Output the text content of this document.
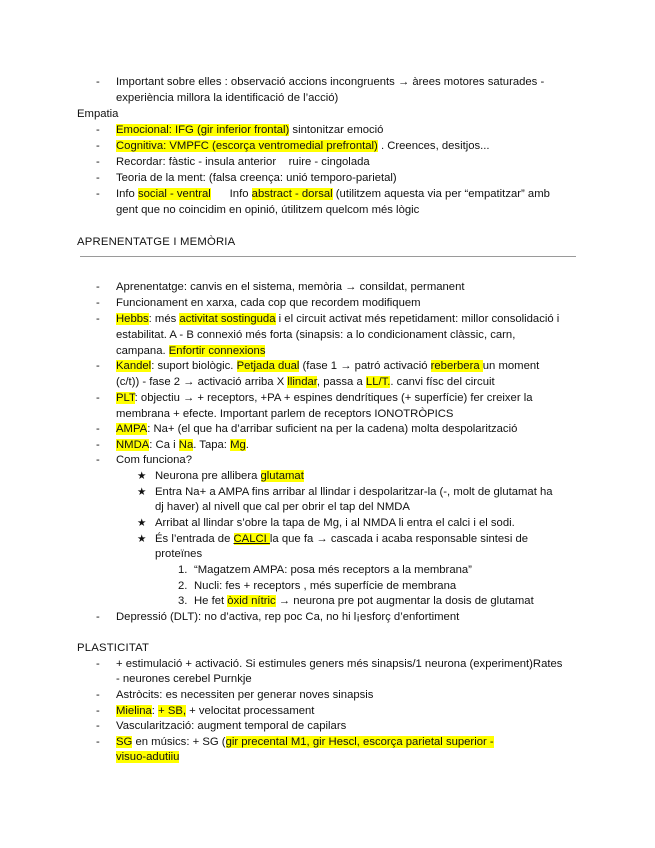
- Important sobre elles : observació accions incongruents → àrees motores saturades -
experiència millora la identificació de l’acció)
Empatia
- Emocional: IFG (gir inferior frontal) sintonitzar emoció
- Cognitiva: VMPFC (escorça ventromedial prefrontal) . Creences, desitjos...
- Recordar: fàstic - insula anterior    ruire - cingolada
- Teoria de la ment: (falsa creença: unió temporo-parietal)
- Info social - ventral      Info abstract - dorsal (utilitzem aquesta via per “empatitzar” amb
gent que no coincidim en opinió, útilitzem quelcom més lògic
APRENENTATGE I MEMÒRIA
- Aprenentatge: canvis en el sistema, memòria → consildat, permanent
- Funcionament en xarxa, cada cop que recordem modifiquem
- Hebbs: més activitat sostinguda i el circuit activat més repetidament: millor consolidació i
estabilitat. A - B connexió més forta (sinapsis: a lo condicionament clàssic, carn,
campana. Enfortir connexions
- Kandel: suport biològic. Petjada dual (fase 1 → patró activació reberbera un moment
(c/t)) - fase 2 → activació arriba X llindar, passa a LL/T.. canvi físc del circuit
- PLT: objectiu → + receptors, +PA + espines dendrítiques (+ superfície) fer creixer la
membrana + efecte. Important parlem de receptors IONOTRÒPICS
- AMPA: Na+ (el que ha d’arribar suficient na per la cadena) molta despolarització
- NMDA: Ca i Na. Tapa: Mg.
- Com funciona?
★ Neurona pre allibera glutamat
★ Entra Na+ a AMPA fins arribar al llindar i despolaritzar-la (-, molt de glutamat ha
dj haver) al nivell que cal per obrir el tap del NMDA
★ Arribat al llindar s’obre la tapa de Mg, i al NMDA li entra el calci i el sodi.
★ És l’entrada de CALCI la que fa → cascada i acaba responsable sintesi de
proteïnes
1. “Magatzem AMPA: posa més receptors a la membrana”
2. Nucli: fes + receptors , més superfície de membrana
3. He fet òxid nítric → neurona pre pot augmentar la dosis de glutamat
- Depressió (DLT): no d’activa, rep poc Ca, no hi l¡esforç d’enfortiment
PLASTICITAT
- + estimulació + activació. Si estimules geners més sinapsis/1 neurona (experiment)Rates
- neurones cerebel Purnkje
- Astròcits: es necessiten per generar noves sinapsis
- Mielina: + SB, + velocitat processament
- Vascularització: augment temporal de capilars
- SG en músics: + SG (gir precental M1, gir Hescl, escorça parietal superior -
visuo-adutiiu
